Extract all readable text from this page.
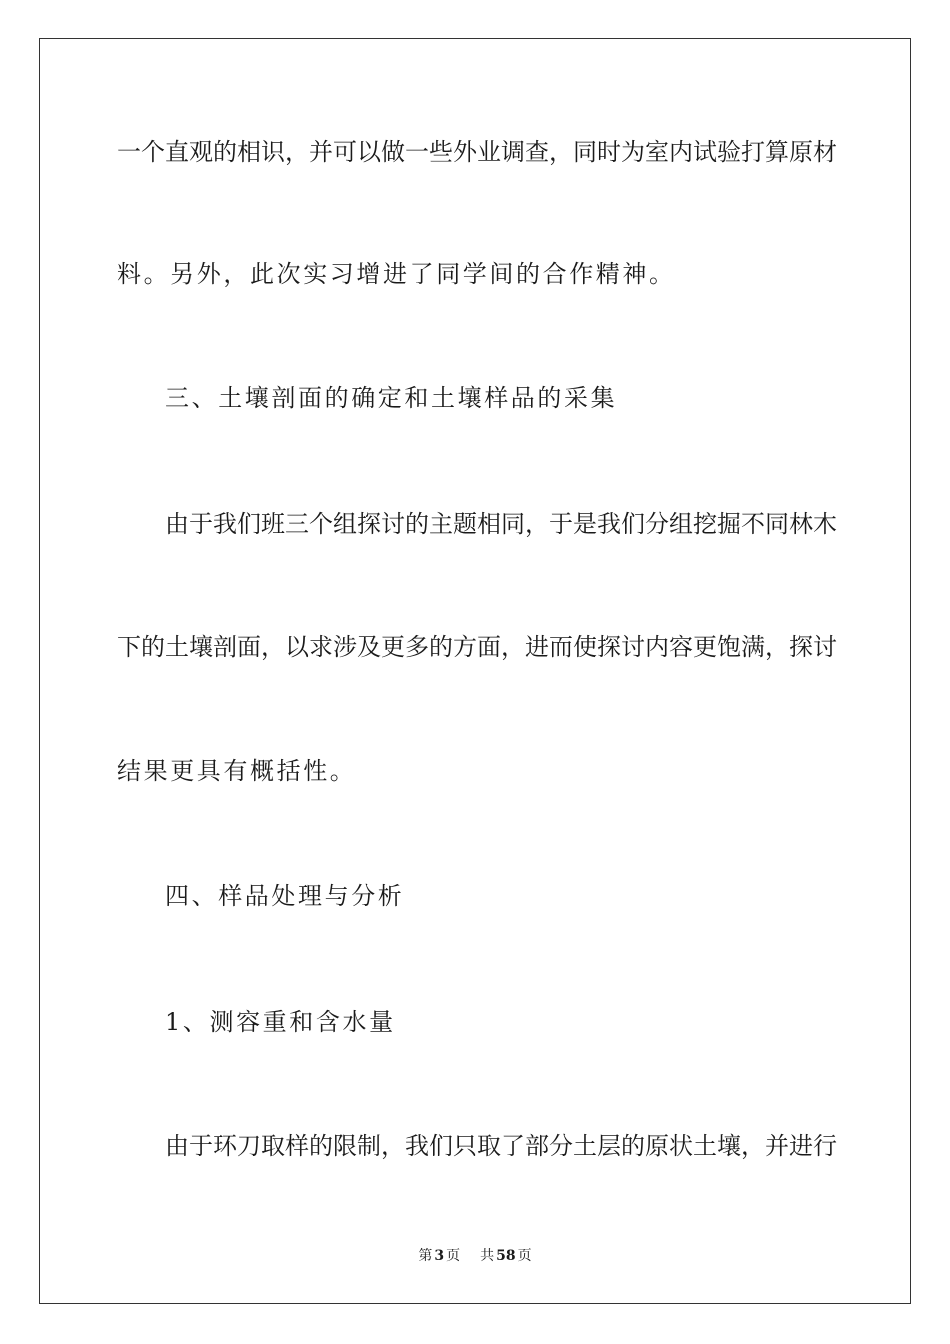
一个直观的相识，并可以做一些外业调查，同时为室内试验打算原材
料。另外，此次实习增进了同学间的合作精神。
三、土壤剖面的确定和土壤样品的采集
由于我们班三个组探讨的主题相同，于是我们分组挖掘不同林木
下的土壤剖面，以求涉及更多的方面，进而使探讨内容更饱满，探讨
结果更具有概括性。
四、样品处理与分析
1、测容重和含水量
由于环刀取样的限制，我们只取了部分土层的原状土壤，并进行
第 3 页 共 58 页
